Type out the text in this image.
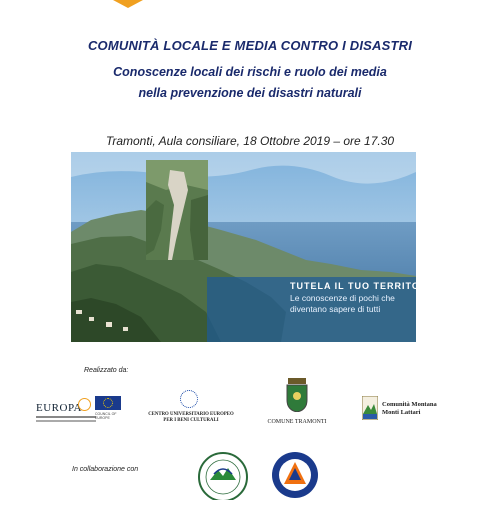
COMUNITÀ LOCALE E MEDIA CONTRO I DISASTRI
Conoscenze locali dei rischi e ruolo dei media
nella prevenzione dei disastri naturali
Tramonti, Aula consiliare, 18 Ottobre 2019 – ore 17.30
TUTELA IL TUO TERRITORIO
Le conoscenze di pochi che diventano sapere di tutti
Realizzato da:
EUROPA	COUNCIL OF EUROPE
CENTRO UNIVERSITARIO EUROPEO
PER I BENI CULTURALI	COMUNE TRAMONTI
Comunità Montana
Monti Lattari
In collaborazione con
